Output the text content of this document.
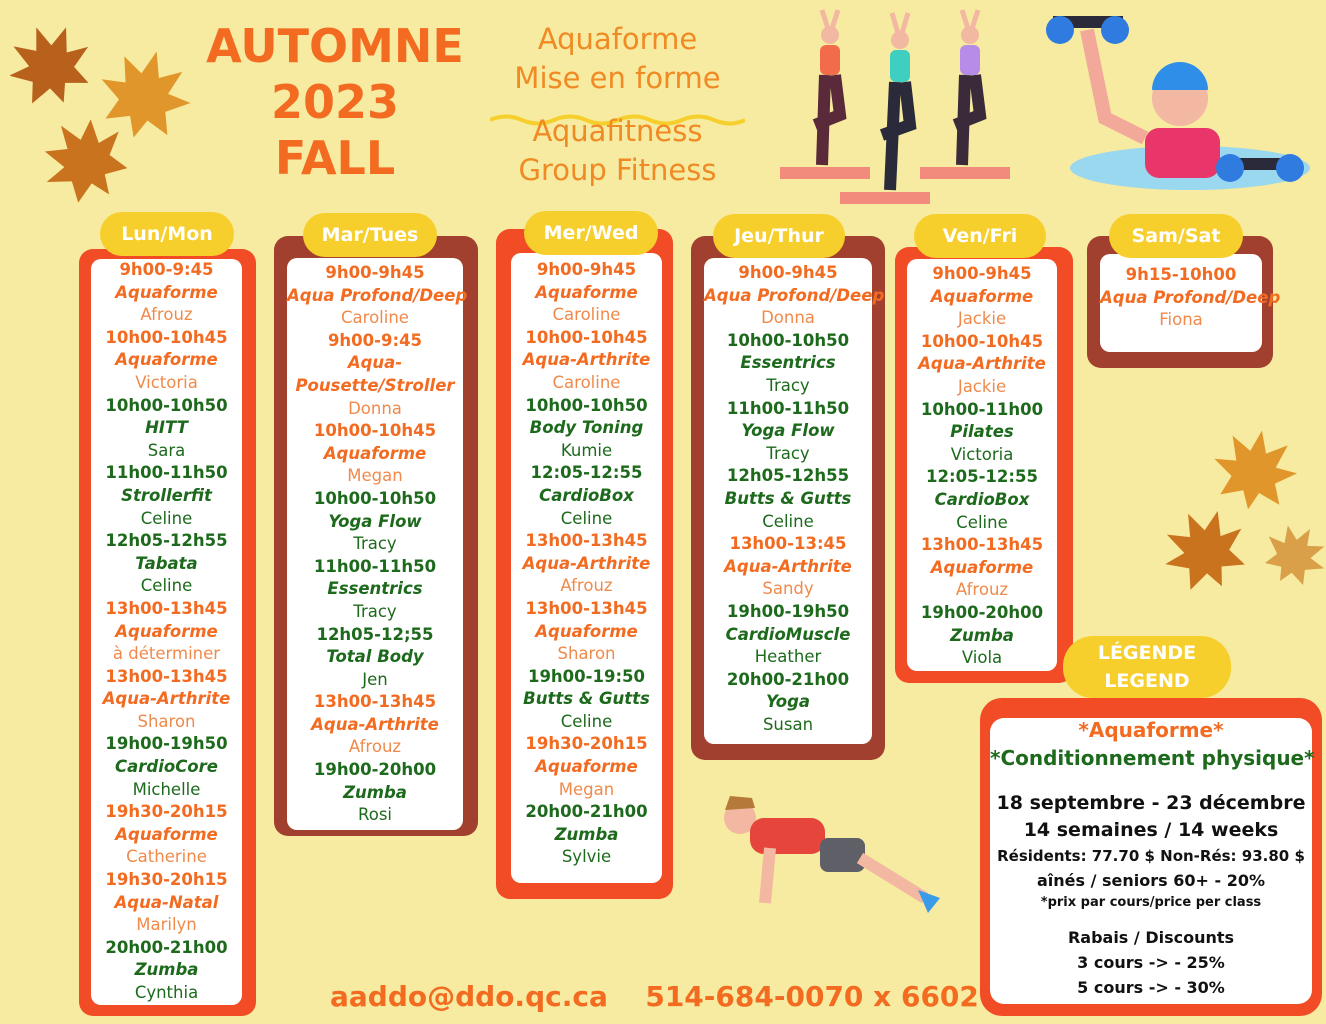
AUTOMNE
2023
FALL
Aquaforme
Mise en forme
Aquafitness
Group Fitness
9h00-9:45
Aquaforme
Afrouz
10h00-10h45
Aquaforme
Victoria
10h00-10h50
HITT
Sara
11h00-11h50
Strollerfit
Celine
12h05-12h55
Tabata
Celine
13h00-13h45
Aquaforme
à déterminer
13h00-13h45
Aqua-Arthrite
Sharon
19h00-19h50
CardioCore
Michelle
19h30-20h15
Aquaforme
Catherine
19h30-20h15
Aqua-Natal
Marilyn
20h00-21h00
Zumba
Cynthia
Lun/Mon
9h00-9h45
Aqua Profond/Deep
Caroline
9h00-9:45
Aqua-
Pousette/Stroller
Donna
10h00-10h45
Aquaforme
Megan
10h00-10h50
Yoga Flow
Tracy
11h00-11h50
Essentrics
Tracy
12h05-12;55
Total Body
Jen
13h00-13h45
Aqua-Arthrite
Afrouz
19h00-20h00
Zumba
Rosi
Mar/Tues
9h00-9h45
Aquaforme
Caroline
10h00-10h45
Aqua-Arthrite
Caroline
10h00-10h50
Body Toning
Kumie
12:05-12:55
CardioBox
Celine
13h00-13h45
Aqua-Arthrite
Afrouz
13h00-13h45
Aquaforme
Sharon
19h00-19:50
Butts & Gutts
Celine
19h30-20h15
Aquaforme
Megan
20h00-21h00
Zumba
Sylvie
Mer/Wed
9h00-9h45
Aqua Profond/Deep
Donna
10h00-10h50
Essentrics
Tracy
11h00-11h50
Yoga Flow
Tracy
12h05-12h55
Butts & Gutts
Celine
13h00-13:45
Aqua-Arthrite
Sandy
19h00-19h50
CardioMuscle
Heather
20h00-21h00
Yoga
Susan
Jeu/Thur
9h00-9h45
Aquaforme
Jackie
10h00-10h45
Aqua-Arthrite
Jackie
10h00-11h00
Pilates
Victoria
12:05-12:55
CardioBox
Celine
13h00-13h45
Aquaforme
Afrouz
19h00-20h00
Zumba
Viola
Ven/Fri
9h15-10h00
Aqua Profond/Deep
Fiona
Sam/Sat
*Aquaforme*
*Conditionnement physique*
18 septembre - 23 décembre
14 semaines / 14 weeks
Résidents: 77.70 $ Non-Rés: 93.80 $
aînés / seniors 60+ - 20%
*prix par cours/price per class
Rabais / Discounts
3 cours -> - 25%
5 cours -> - 30%
LÉGENDE
LEGEND
aaddo@ddo.qc.ca 514-684-0070 x 6602
